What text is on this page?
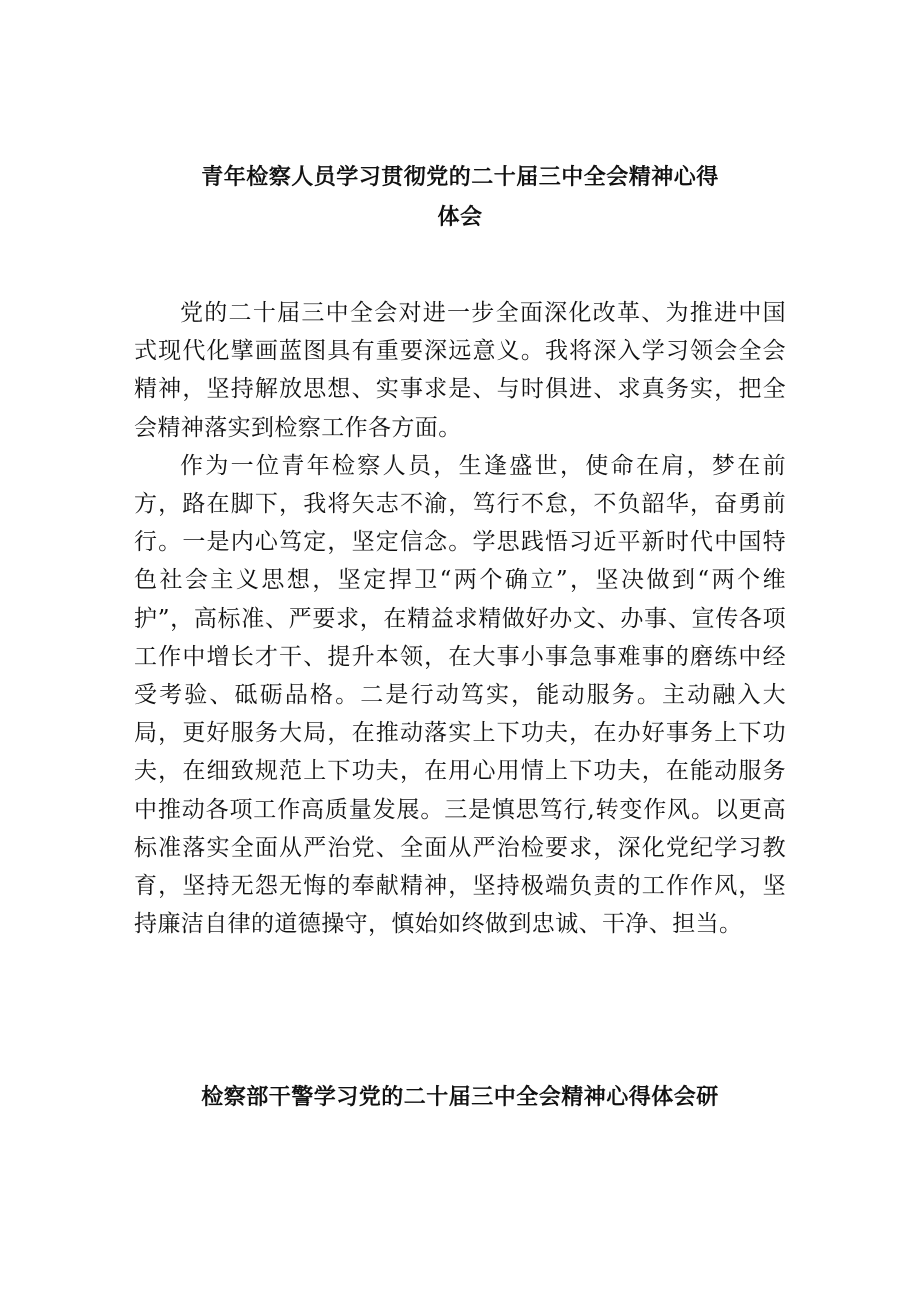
青年检察人员学习贯彻党的二十届三中全会精神心得
体会

党的二十届三中全会对进一步全面深化改革、为推进中国式现代化擘画蓝图具有重要深远意义。我将深入学习领会全会精神，坚持解放思想、实事求是、与时俱进、求真务实，把全会精神落实到检察工作各方面。

作为一位青年检察人员，生逢盛世，使命在肩，梦在前方，路在脚下，我将矢志不渝，笃行不怠，不负韶华，奋勇前行。一是内心笃定，坚定信念。学思践悟习近平新时代中国特色社会主义思想，坚定捍卫“两个确立”，坚决做到“两个维护”，高标准、严要求，在精益求精做好办文、办事、宣传各项工作中增长才干、提升本领，在大事小事急事难事的磨练中经受考验、砥砺品格。二是行动笃实，能动服务。主动融入大局，更好服务大局，在推动落实上下功夫，在办好事务上下功夫，在细致规范上下功夫，在用心用情上下功夫，在能动服务中推动各项工作高质量发展。三是慎思笃行,转变作风。以更高标准落实全面从严治党、全面从严治检要求，深化党纪学习教育，坚持无怨无悔的奉献精神，坚持极端负责的工作作风，坚持廉洁自律的道德操守，慎始如终做到忠诚、干净、担当。

检察部干警学习党的二十届三中全会精神心得体会研
